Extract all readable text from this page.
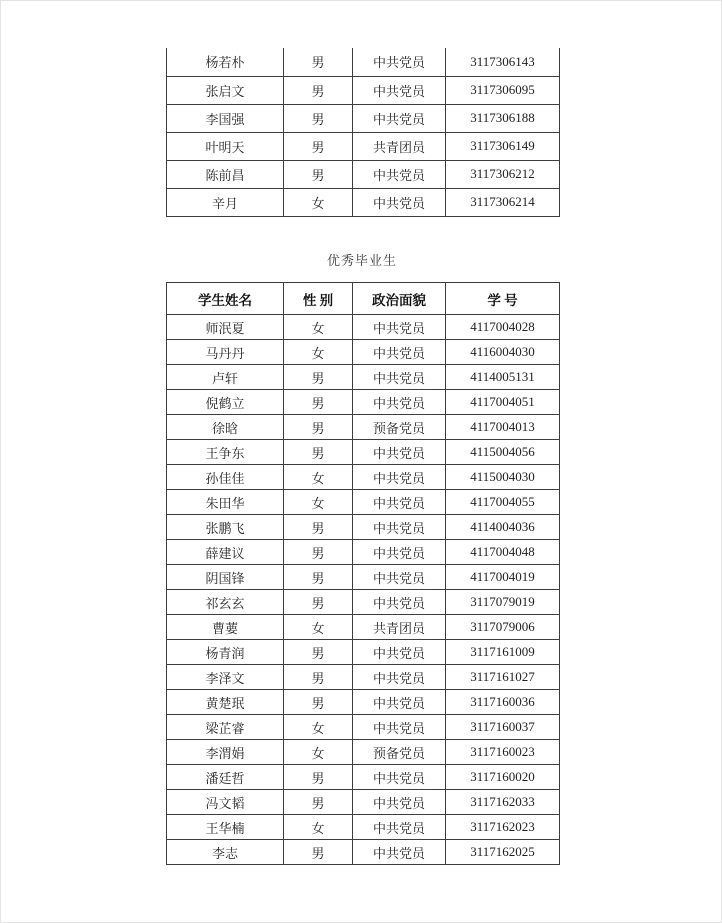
杨若朴	男	中共党员	3117306143
张启文	男	中共党员	3117306095
李国强	男	中共党员	3117306188
叶明天	男	共青团员	3117306149
陈前昌	男	中共党员	3117306212
辛月	女	中共党员	3117306214
优秀毕业生
学生姓名	性 别	政治面貌	学 号
师泯夏	女	中共党员	4117004028
马丹丹	女	中共党员	4116004030
卢轩	男	中共党员	4114005131
倪鹤立	男	中共党员	4117004051
徐晗	男	预备党员	4117004013
王争东	男	中共党员	4115004056
孙佳佳	女	中共党员	4115004030
朱田华	女	中共党员	4117004055
张鹏飞	男	中共党员	4114004036
薛建议	男	中共党员	4117004048
阴国锋	男	中共党员	4117004019
祁玄玄	男	中共党员	3117079019
曹葽	女	共青团员	3117079006
杨青润	男	中共党员	3117161009
李泽文	男	中共党员	3117161027
黄楚珉	男	中共党员	3117160036
梁芷睿	女	中共党员	3117160037
李渭娟	女	预备党员	3117160023
潘廷哲	男	中共党员	3117160020
冯文韬	男	中共党员	3117162033
王华楠	女	中共党员	3117162023
李志	男	中共党员	3117162025
